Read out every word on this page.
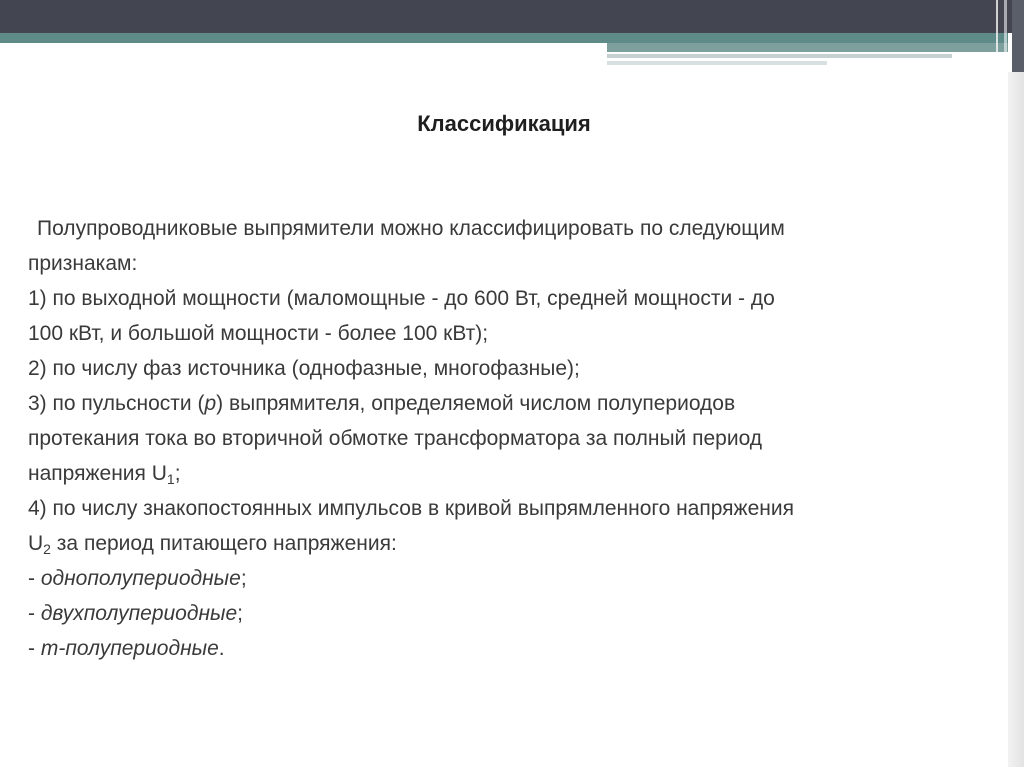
Классификация
Полупроводниковые выпрямители можно классифицировать по следующим
признакам:
1) по выходной мощности (маломощные - до 600 Вт, средней мощности - до
100 кВт, и большой мощности - более 100 кВт);
2) по числу фаз источника (однофазные, многофазные);
3) по пульсности (p) выпрямителя, определяемой числом полупериодов
протекания тока во вторичной обмотке трансформатора за полный период
напряжения $U_1$;
4) по числу знакопостоянных импульсов в кривой выпрямленного напряжения
$U_2$ за период питающего напряжения:
- однополупериодные;
- двухполупериодные;
- m-полупериодные.
